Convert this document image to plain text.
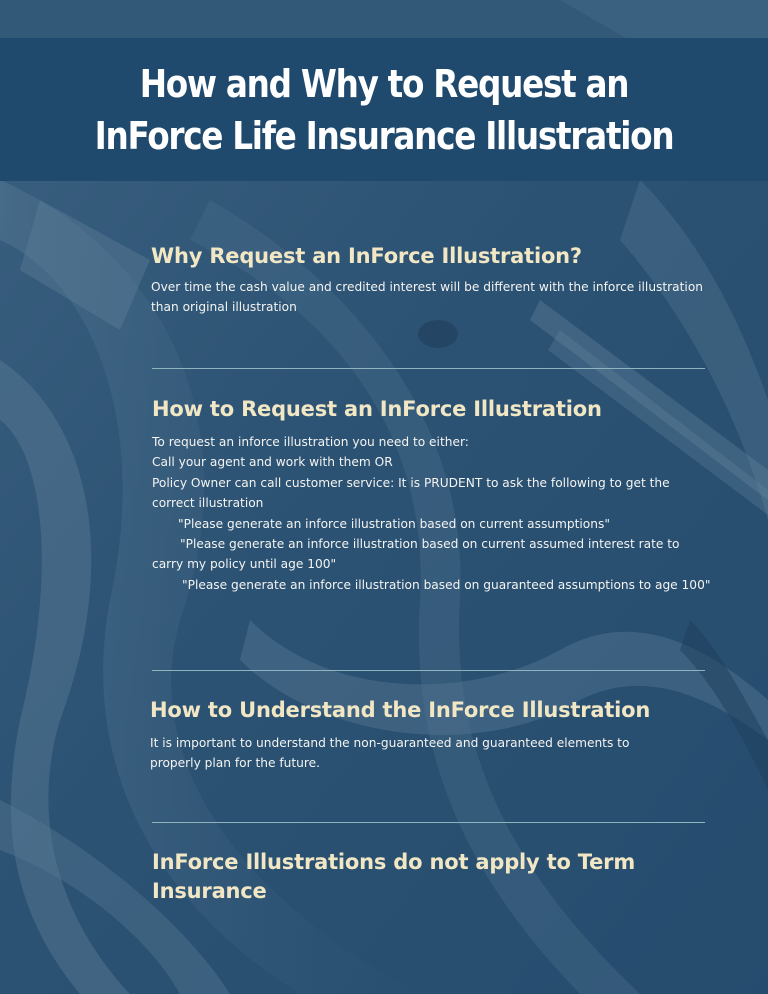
How and Why to Request an InForce Life Insurance Illustration
Why Request an InForce Illustration?

Over time the cash value and credited interest will be different with the inforce illustration than original illustration

How to Request an InForce Illustration

To request an inforce illustration you need to either:

Call your agent and work with them OR

Policy Owner can call customer service: It is PRUDENT to ask the following to get the correct illustration

"Please generate an inforce illustration based on current assumptions"

"Please generate an inforce illustration based on current assumed interest rate to carry my policy until age 100"

"Please generate an inforce illustration based on guaranteed assumptions to age 100"

How to Understand the InForce Illustration

It is important to understand the non-guaranteed and guaranteed elements to properly plan for the future.

InForce Illustrations do not apply to Term Insurance
